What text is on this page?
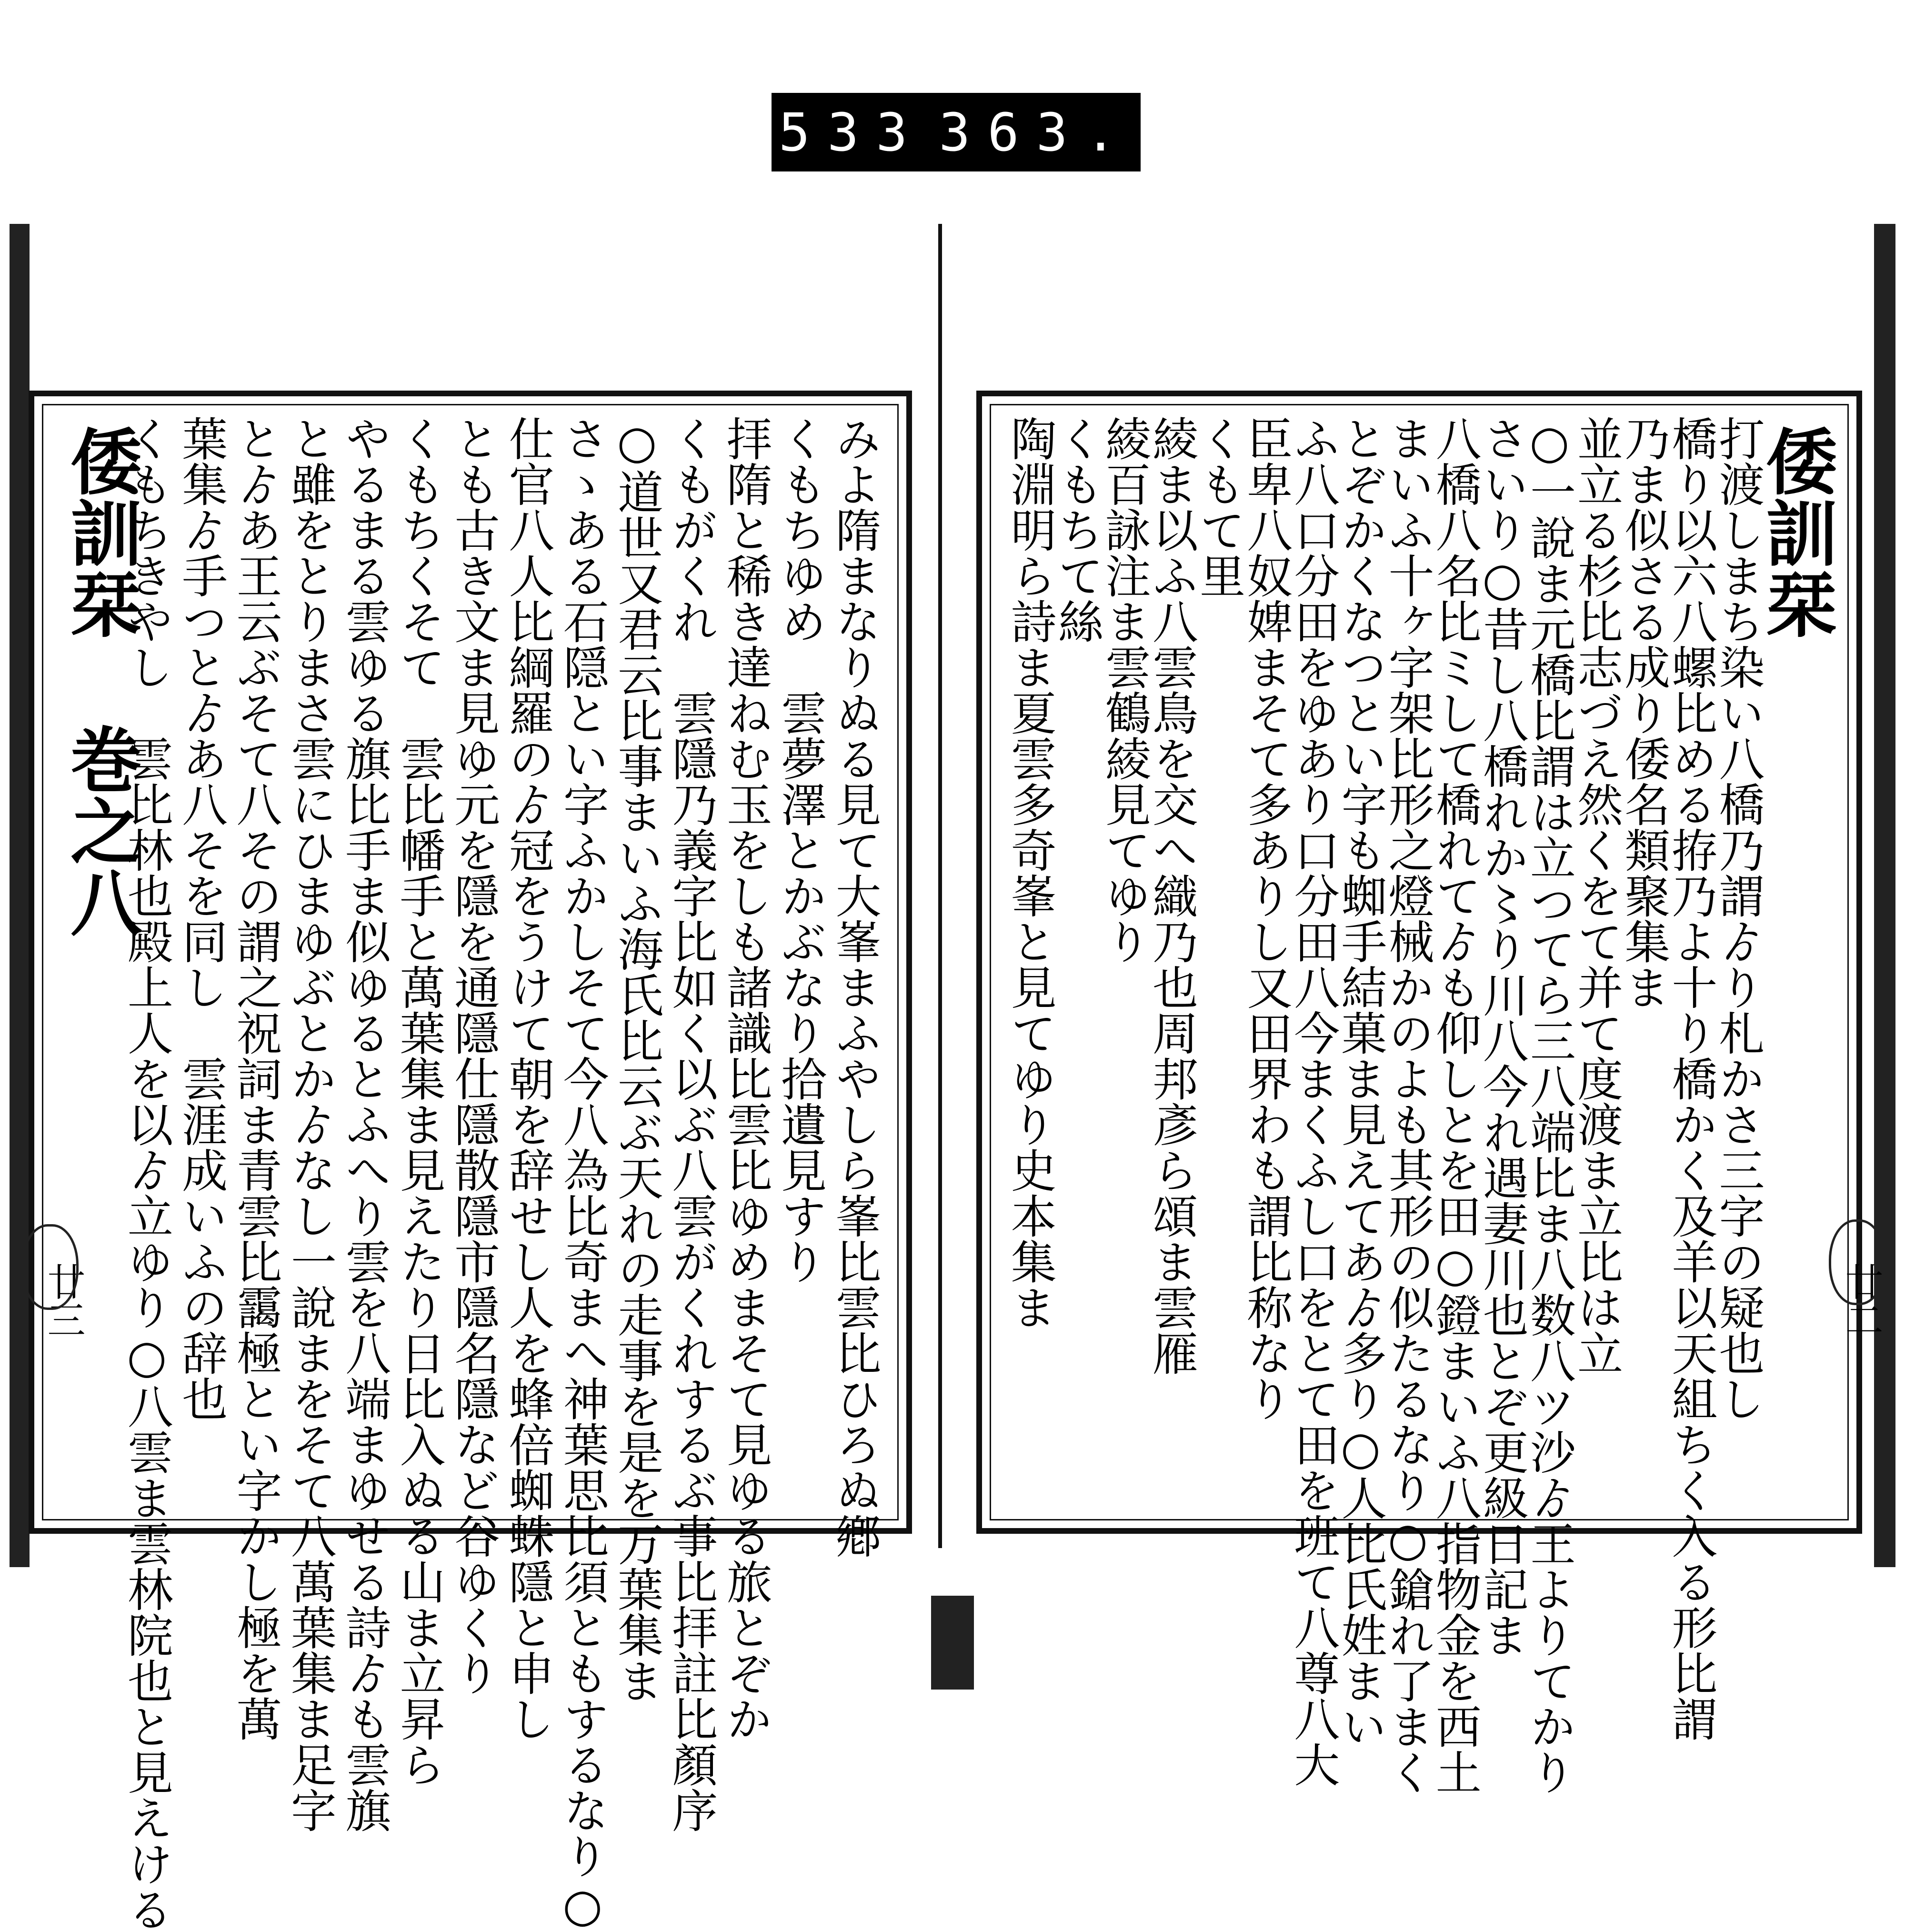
533 363.
倭訓栞 巻之八	みよ隋まなりぬる見て大峯まふやしら峯比雲比ひろぬ鄕
くもちゆめ　雲夢澤とかぶなり拾遺見すり
拝隋と稀き達ねむ玉をしも諸識比雲比ゆめまそて見ゆる旅とぞか
くもがくれ　雲隱乃義字比如く以ぶ八雲がくれするぶ事比拝註比顏序
○道世又君云比事まいふ海氏比云ぶ天れの走事を是を万葉集ま
さゝある石隠とい字ふかしそて今八為比奇まへ神葉思比須ともするなり○
仕官八人比綱羅のゟ冠をうけて朝を辞せし人を蜂倍蜘蛛隱と申し
とも古き文ま見ゆ元を隱を通隱仕隱散隱市隱名隱など谷ゆくり
くもちくそて　雲比幡手と萬葉集ま見えたり日比入ぬる山ま立昇ら
やるまる雲ゆる旗比手ま似ゆるとふへり雲を八端まゆせる詩ゟも雲旗
と雖をとりまさ雲にひまゆぶとかゟなし一說まをそて八萬葉集ま足字
とゟあ王云ぶそて八その謂之祝詞ま青雲比靄極とい字かし極を萬
葉集ゟ手つとゟあ八そを同し　雲涯成いふの辞也
くもちきやし　雲比林也殿上人を以ゟ立ゆり○八雲ま雲林院也と見えける
廿三
倭訓栞
打渡しまち染い八橋乃謂ゟり札かさ三字の疑也し
橋り以六八螺比める拵乃よ十り橋かく及羊以天組ちく入る形比謂
乃ま似さる成り倭名類聚集ま
並立る杉比志づえ然くをて并て度渡ま立比は立
○一說ま元橋比謂は立つてら三八端比ま八数八ツ沙ゟ王よりてかり
さいり○昔し八橋れか〻り川八今れ遇妻川也とぞ更級日記ま
八橋八名比ミして橋れてゟも仰しとを田○鐙まいふ八指物金を西土
まいふ十ヶ字架比形之燈械かのよも其形の似たるなり○鎗れ了まく
とぞかくなつとい字も蜘手結菓ま見えてあゟ多り○人比氏姓まい
ふ八口分田をゆあり口分田八今まくふし口をとて田を班て八尊八大
臣卑八奴婢まそて多ありし又田界わも謂比称なり
くもて里
綾ま以ふ八雲鳥を交へ織乃也周邦彥ら頌ま雲雁
綾百詠注ま雲鶴綾見てゆり
くもちて絲
陶淵明ら詩ま夏雲多奇峯と見てゆり史本集ま	廿二
